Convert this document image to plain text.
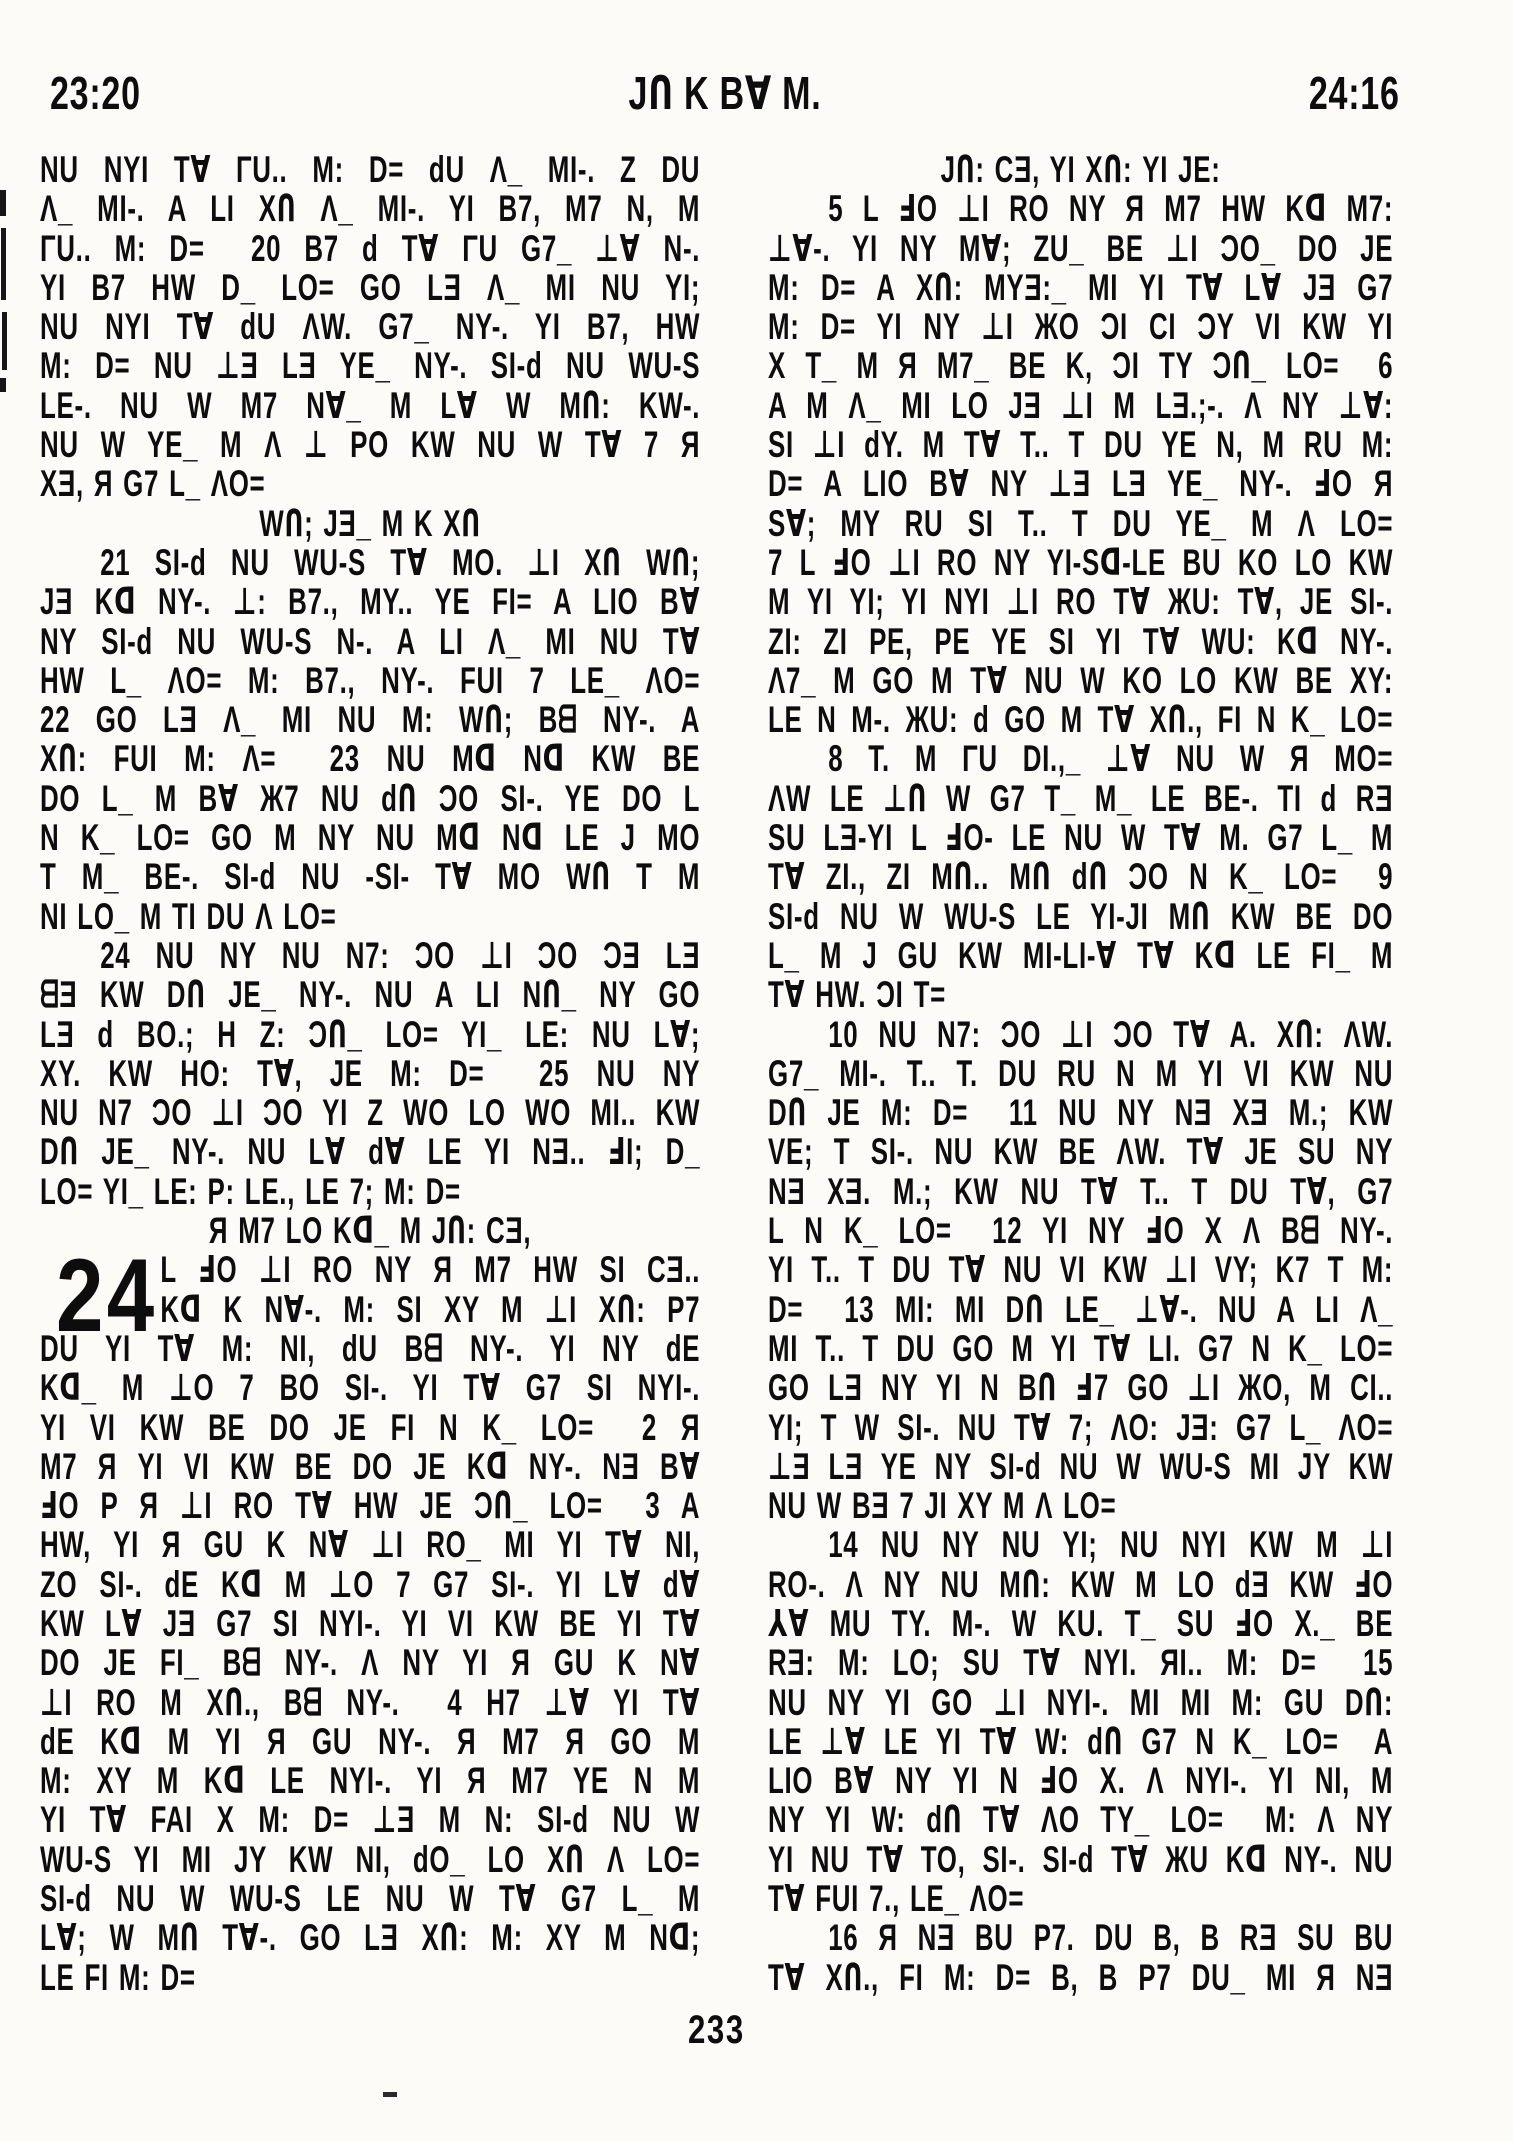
23:20	JՈ K B∀ M.	24:16
NU NYI T∀ ΓU.. M: D= dU Λ_ MI-. Z DU
Λ_ MI-. A LI XՈ Λ_ MI-. YI B7, M7 N, M
ΓU.. M: D=  20 B7 d T∀ ΓU G7_ ⊥∀ N-.
YI B7 HW D_ LO= GO LƎ Λ_ MI NU YI;
NU NYI T∀ dU ΛW. G7_ NY-. YI B7, HW
M: D= NU ⊥Ǝ LƎ YE_ NY-. SI-d NU WU-S
LE-. NU W M7 N∀_ M L∀ W MՈ: KW-.
NU W YE_ M Λ ⊥ PO KW NU W T∀ 7 Я
XƎ, Я G7 L_ ΛO=
WՈ; JƎ_ M K XՈ
21 SI-d NU WU-S T∀ MO. ⊥I XՈ WՈ;
JƎ Kᗡ NY-. ⊥: B7., MY.. YE FI= A LIO B∀
NY SI-d NU WU-S N-. A LI Λ_ MI NU T∀
HW L_ ΛO= M: B7., NY-. FUI 7 LE_ ΛO=
22 GO LƎ Λ_ MI NU M: WՈ; Bᗺ NY-. A
XՈ: FUI M: Λ=  23 NU Mᗡ Nᗡ KW BE
DO L_ M B∀ Ж7 NU dՈ ƆO SI-. YE DO L
N K_ LO= GO M NY NU Mᗡ Nᗡ LE J MO
T M_ BE-. SI-d NU -SI- T∀ MO WՈ T M
NI LO_ M TI DU Λ LO=
24 NU NY NU N7: ƆO ⊥I ƆO ƆƎ LƎ
ᗺƎ KW DՈ JE_ NY-. NU A LI NՈ_ NY GO
LƎ d BO.; H Z: ƆՈ_ LO= YI_ LE: NU L∀;
XY. KW HO: T∀, JE M: D=  25 NU NY
NU N7 ƆO ⊥I ƆO YI Z WO LO WO MI.. KW
DՈ JE_ NY-. NU L∀ d∀ LE YI NƎ.. ℲI; D_
LO= YI_ LE: P: LE., LE 7; M: D=
Я M7 LO Kᗡ_ M JՈ: CƎ,
L ℲO ⊥I RO NY Я M7 HW SI CƎ..
Kᗡ K N∀-. M: SI XY M ⊥I XՈ: P7
DU YI T∀ M: NI, dU Bᗺ NY-. YI NY dE
Kᗡ_ M ⊥O 7 BO SI-. YI T∀ G7 SI NYI-.
YI VI KW BE DO JE FI N K_ LO=  2 Я
M7 Я YI VI KW BE DO JE Kᗡ NY-. NƎ B∀
ℲO P Я ⊥I RO T∀ HW JE ƆՈ_ LO=  3 A
HW, YI Я GU K N∀ ⊥I RO_ MI YI T∀ NI,
ZO SI-. dE Kᗡ M ⊥O 7 G7 SI-. YI L∀ d∀
KW L∀ JƎ G7 SI NYI-. YI VI KW BE YI T∀
DO JE FI_ Bᗺ NY-. Λ NY YI Я GU K N∀
⊥I RO M XՈ., Bᗺ NY-.  4 H7 ⊥∀ YI T∀
dE Kᗡ M YI Я GU NY-. Я M7 Я GO M
M: XY M Kᗡ LE NYI-. YI Я M7 YE N M
YI T∀ FAI X M: D= ⊥Ǝ M N: SI-d NU W
WU-S YI MI JY KW NI, dO_ LO XՈ Λ LO=
SI-d NU W WU-S LE NU W T∀ G7 L_ M
L∀; W MՈ T∀-. GO LƎ XՈ: M: XY M Nᗡ;
LE FI M: D=
24
JՈ: CƎ, YI XՈ: YI JE:
5 L ℲO ⊥I RO NY Я M7 HW Kᗡ M7:
⊥∀-. YI NY M∀; ZU_ BE ⊥I ƆO_ DO JE
M: D= A XՈ: MYƎ:_ MI YI T∀ L∀ JƎ G7
M: D= YI NY ⊥I ЖO ƆI CI ƆY VI KW YI
X T_ M Я M7_ BE K, ƆI TY ƆՈ_ LO=  6
A M Λ_ MI LO JƎ ⊥I M LƎ.;-. Λ NY ⊥∀:
SI ⊥I dY. M T∀ T.. T DU YE N, M RU M:
D= A LIO B∀ NY ⊥Ǝ LƎ YE_ NY-. ℲO Я
S∀; MY RU SI T.. T DU YE_ M Λ LO=
7 L ℲO ⊥I RO NY YI-Sᗡ-LE BU KO LO KW
M YI YI; YI NYI ⊥I RO T∀ ЖU: T∀, JE SI-.
ZI: ZI PE, PE YE SI YI T∀ WU: Kᗡ NY-.
Λ7_ M GO M T∀ NU W KO LO KW BE XY:
LE N M-. ЖU: d GO M T∀ XՈ., FI N K_ LO=
8 T. M ΓU DI.,_ ⊥∀ NU W Я MO=
ΛW LE ⊥Ո W G7 T_ M_ LE BE-. TI d RƎ
SU LƎ-YI L ℲO- LE NU W T∀ M. G7 L_ M
T∀ ZI., ZI MՈ.. MՈ dՈ ƆO N K_ LO=  9
SI-d NU W WU-S LE YI-JI MՈ KW BE DO
L_ M J GU KW MI-LI-∀ T∀ Kᗡ LE FI_ M
T∀ HW. ƆI T=
10 NU N7: ƆO ⊥I ƆO T∀ A. XՈ: ΛW.
G7_ MI-. T.. T. DU RU N M YI VI KW NU
DՈ JE M: D=  11 NU NY NƎ XƎ M.; KW
VE; T SI-. NU KW BE ΛW. T∀ JE SU NY
NƎ XƎ. M.; KW NU T∀ T.. T DU T∀, G7
L N K_ LO=  12 YI NY ℲO X Λ Bᗺ NY-.
YI T.. T DU T∀ NU VI KW ⊥I VY; K7 T M:
D=  13 MI: MI DՈ LE_ ⊥∀-. NU A LI Λ_
MI T.. T DU GO M YI T∀ LI. G7 N K_ LO=
GO LƎ NY YI N BՈ Ⅎ7 GO ⊥I ЖO, M CI..
YI; T W SI-. NU T∀ 7; ΛO: JƎ: G7 L_ ΛO=
⊥Ǝ LƎ YE NY SI-d NU W WU-S MI JY KW
NU W BƎ 7 JI XY M Λ LO=
14 NU NY NU YI; NU NYI KW M ⊥I
RO-. Λ NY NU MՈ: KW M LO dƎ KW ℲO
⅄∀ MU TY. M-. W KU. T_ SU ℲO X._ BE
RƎ: M: LO; SU T∀ NYI. ЯI.. M: D=  15
NU NY YI GO ⊥I NYI-. MI MI M: GU DՈ:
LE ⊥∀ LE YI T∀ W: dՈ G7 N K_ LO=  A
LIO B∀ NY YI N ℲO X. Λ NYI-. YI NI, M
NY YI W: dՈ T∀ ΛO TY_ LO=  M: Λ NY
YI NU T∀ TO, SI-. SI-d T∀ ЖU Kᗡ NY-. NU
T∀ FUI 7., LE_ ΛO=
16 Я NƎ BU P7. DU B, B RƎ SU BU
T∀ XՈ., FI M: D= B, B P7 DU_ MI Я NƎ
233
